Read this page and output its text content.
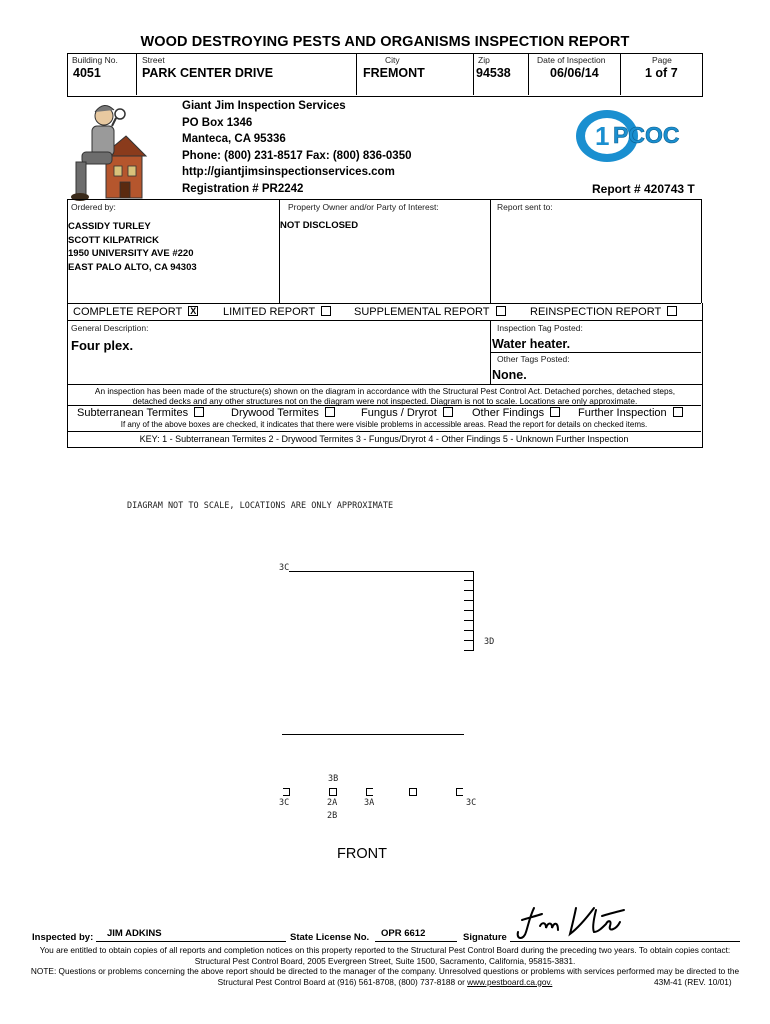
WOOD DESTROYING PESTS AND ORGANISMS INSPECTION REPORT
Building No.
4051
Street
PARK CENTER DRIVE
City
FREMONT
Zip
94538
Date of Inspection
06/06/14
Page
1 of 7
Giant Jim Inspection Services
PO Box 1346
Manteca, CA 95336
Phone: (800) 231-8517 Fax: (800) 836-0350
http://giantjimsinspectionservices.com
Registration # PR2242
1 PCOC
Report # 420743 T
Ordered by:
CASSIDY TURLEY
SCOTT KILPATRICK
1950 UNIVERSITY AVE #220
EAST PALO ALTO, CA 94303
Property Owner and/or Party of Interest:
NOT DISCLOSED
Report sent to:
COMPLETE REPORT X LIMITED REPORT	SUPPLEMENTAL REPORT	REINSPECTION REPORT
General Description:
Four plex.
Inspection Tag Posted:
Water heater.
Other Tags Posted:
None.
An inspection has been made of the structure(s) shown on the diagram in accordance with the Structural Pest Control Act. Detached porches, detached steps, detached decks and any other structures not on the diagram were not inspected. Diagram is not to scale. Locations are only approximate.
Subterranean Termites	Drywood Termites	Fungus / Dryrot	Other Findings	Further Inspection
If any of the above boxes are checked, it indicates that there were visible problems in accessible areas. Read the report for details on checked items.
KEY: 1 - Subterranean Termites 2 - Drywood Termites 3 - Fungus/Dryrot 4 - Other Findings 5 - Unknown Further Inspection
DIAGRAM NOT TO SCALE, LOCATIONS ARE ONLY APPROXIMATE
3C
3D
3B
3C	2A	3A	3C
2B
FRONT
Inspected by: JIM ADKINS	State License No. OPR 6612	Signature
You are entitled to obtain copies of all reports and completion notices on this property reported to the Structural Pest Control Board during the preceding two years. To obtain copies contact: Structural Pest Control Board, 2005 Evergreen Street, Suite 1500, Sacramento, California, 95815-3831.
NOTE: Questions or problems concerning the above report should be directed to the manager of the company. Unresolved questions or problems with services performed may be directed to the Structural Pest Control Board at (916) 561-8708, (800) 737-8188 or www.pestboard.ca.gov.	43M-41 (REV. 10/01)
